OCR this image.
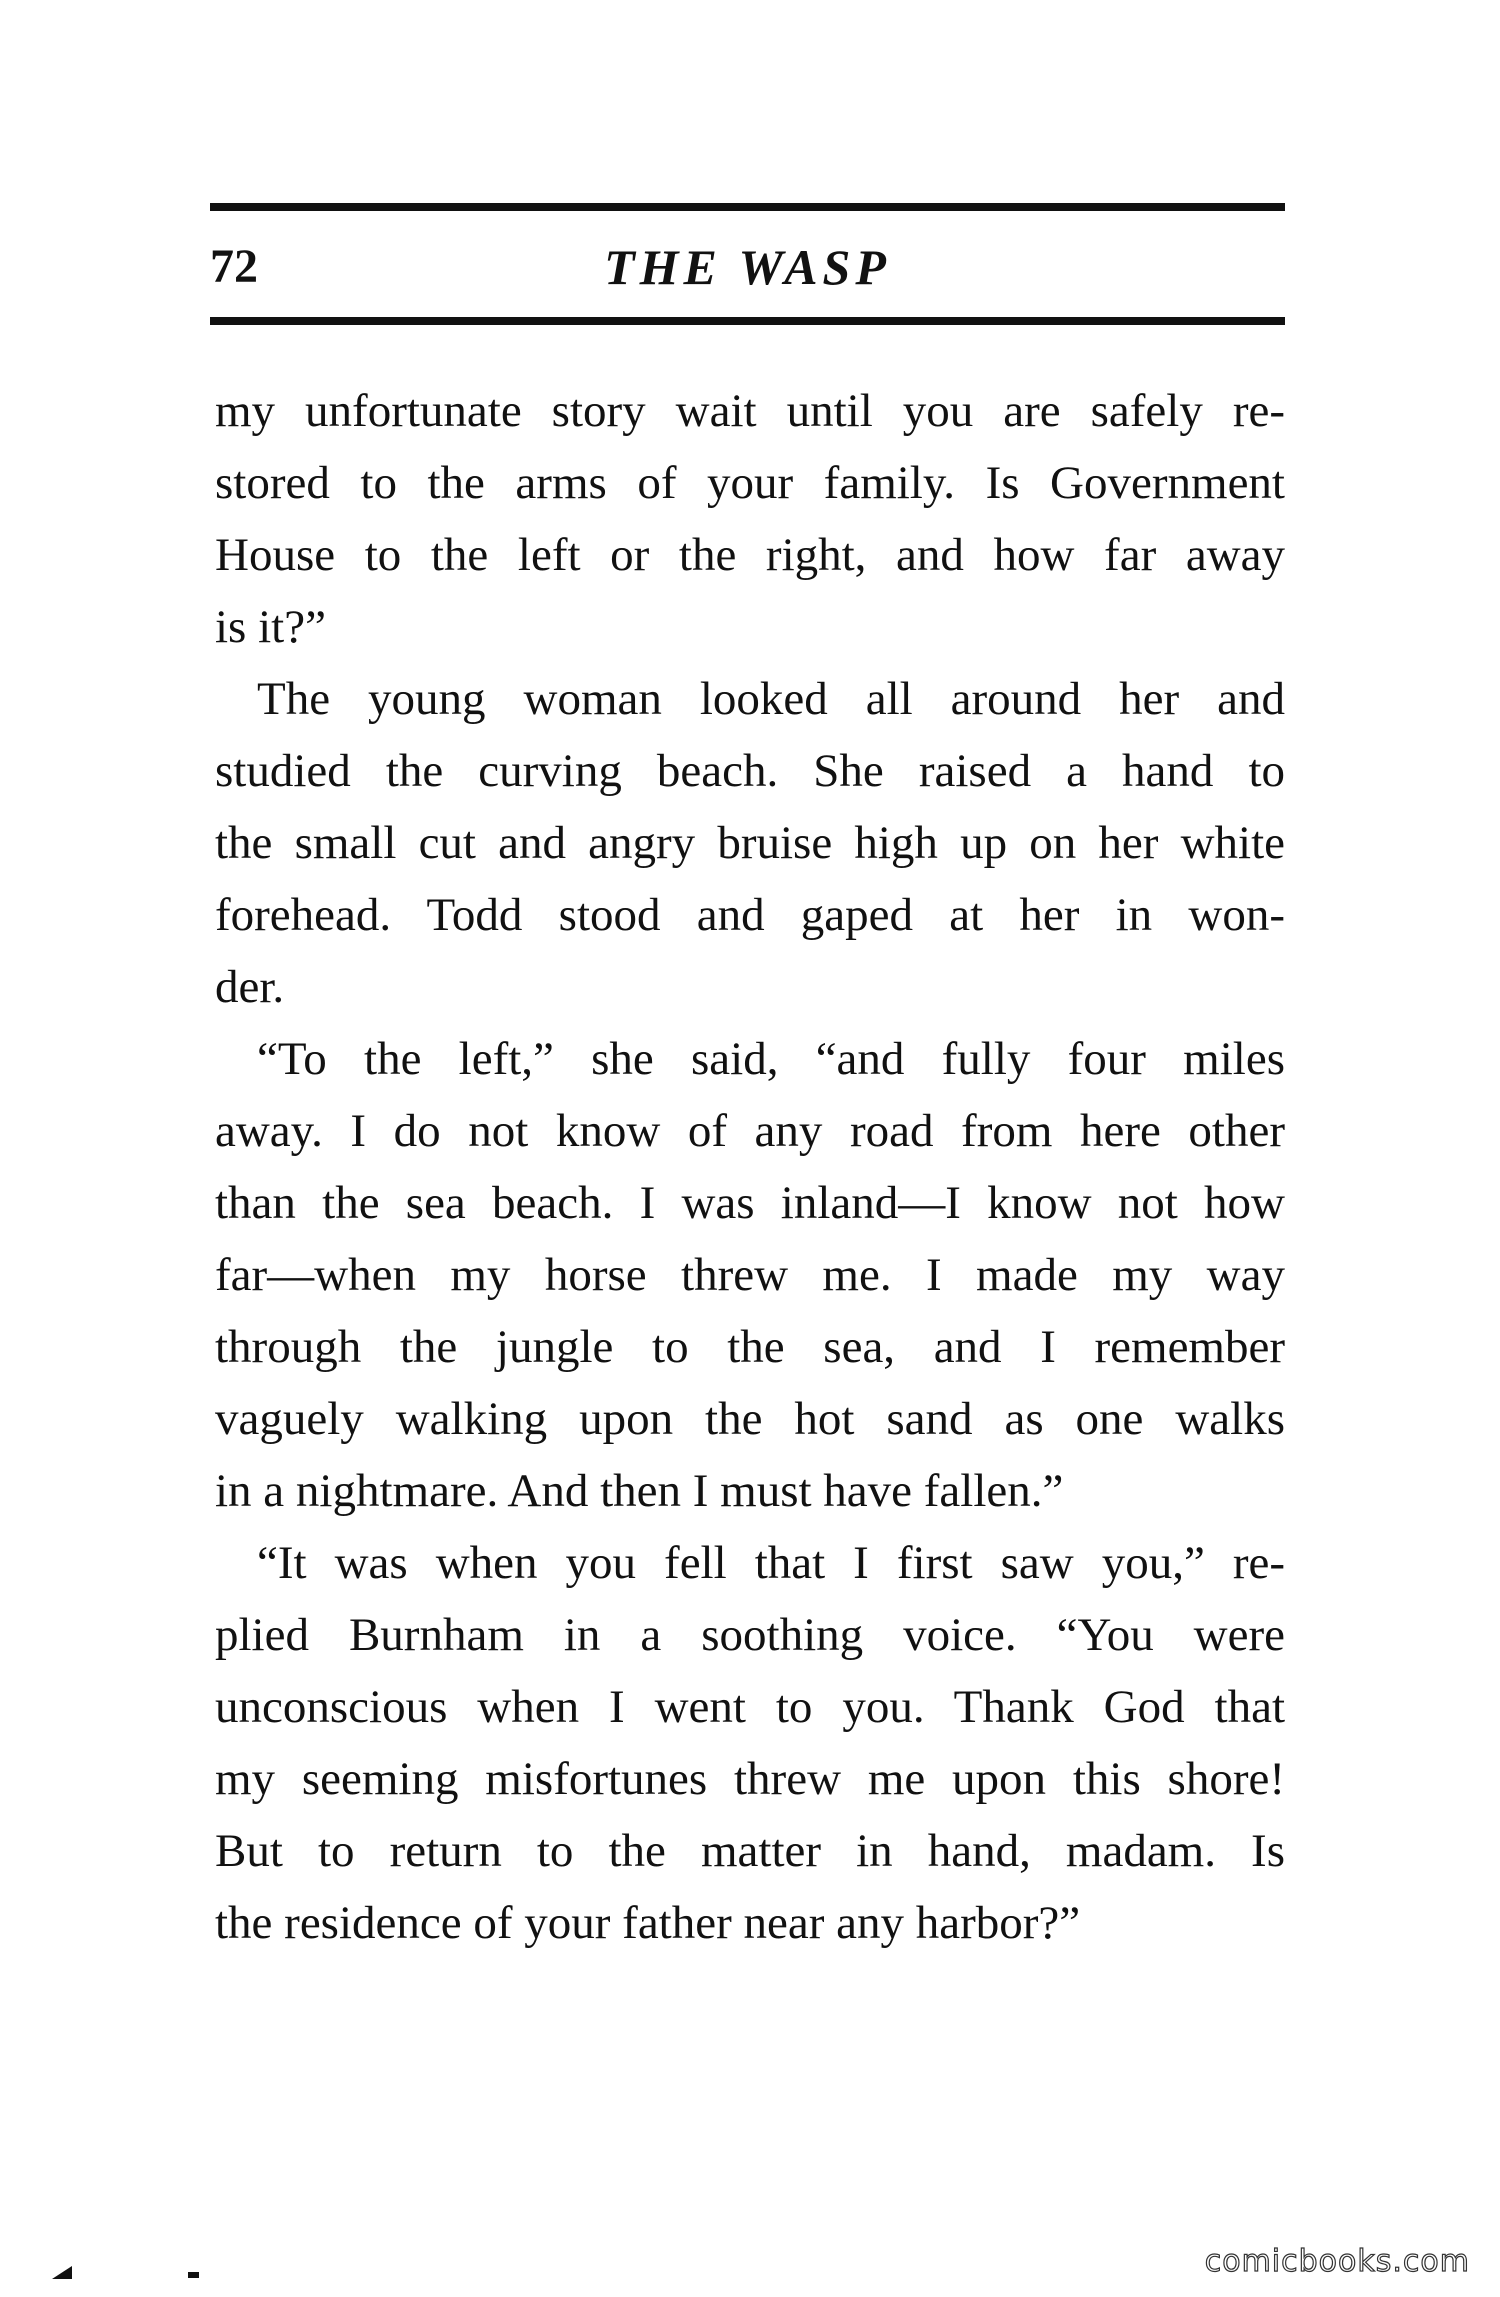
72	THE WASP
my unfortunate story wait until you are safely re-
stored to the arms of your family. Is Government
House to the left or the right, and how far away
is it?”
The young woman looked all around her and
studied the curving beach. She raised a hand to
the small cut and angry bruise high up on her white
forehead. Todd stood and gaped at her in won-
der.
“To the left,” she said, “and fully four miles
away. I do not know of any road from here other
than the sea beach. I was inland—I know not how
far—when my horse threw me. I made my way
through the jungle to the sea, and I remember
vaguely walking upon the hot sand as one walks
in a nightmare. And then I must have fallen.”
“It was when you fell that I first saw you,” re-
plied Burnham in a soothing voice. “You were
unconscious when I went to you. Thank God that
my seeming misfortunes threw me upon this shore!
But to return to the matter in hand, madam. Is
the residence of your father near any harbor?”
comicbooks.com
